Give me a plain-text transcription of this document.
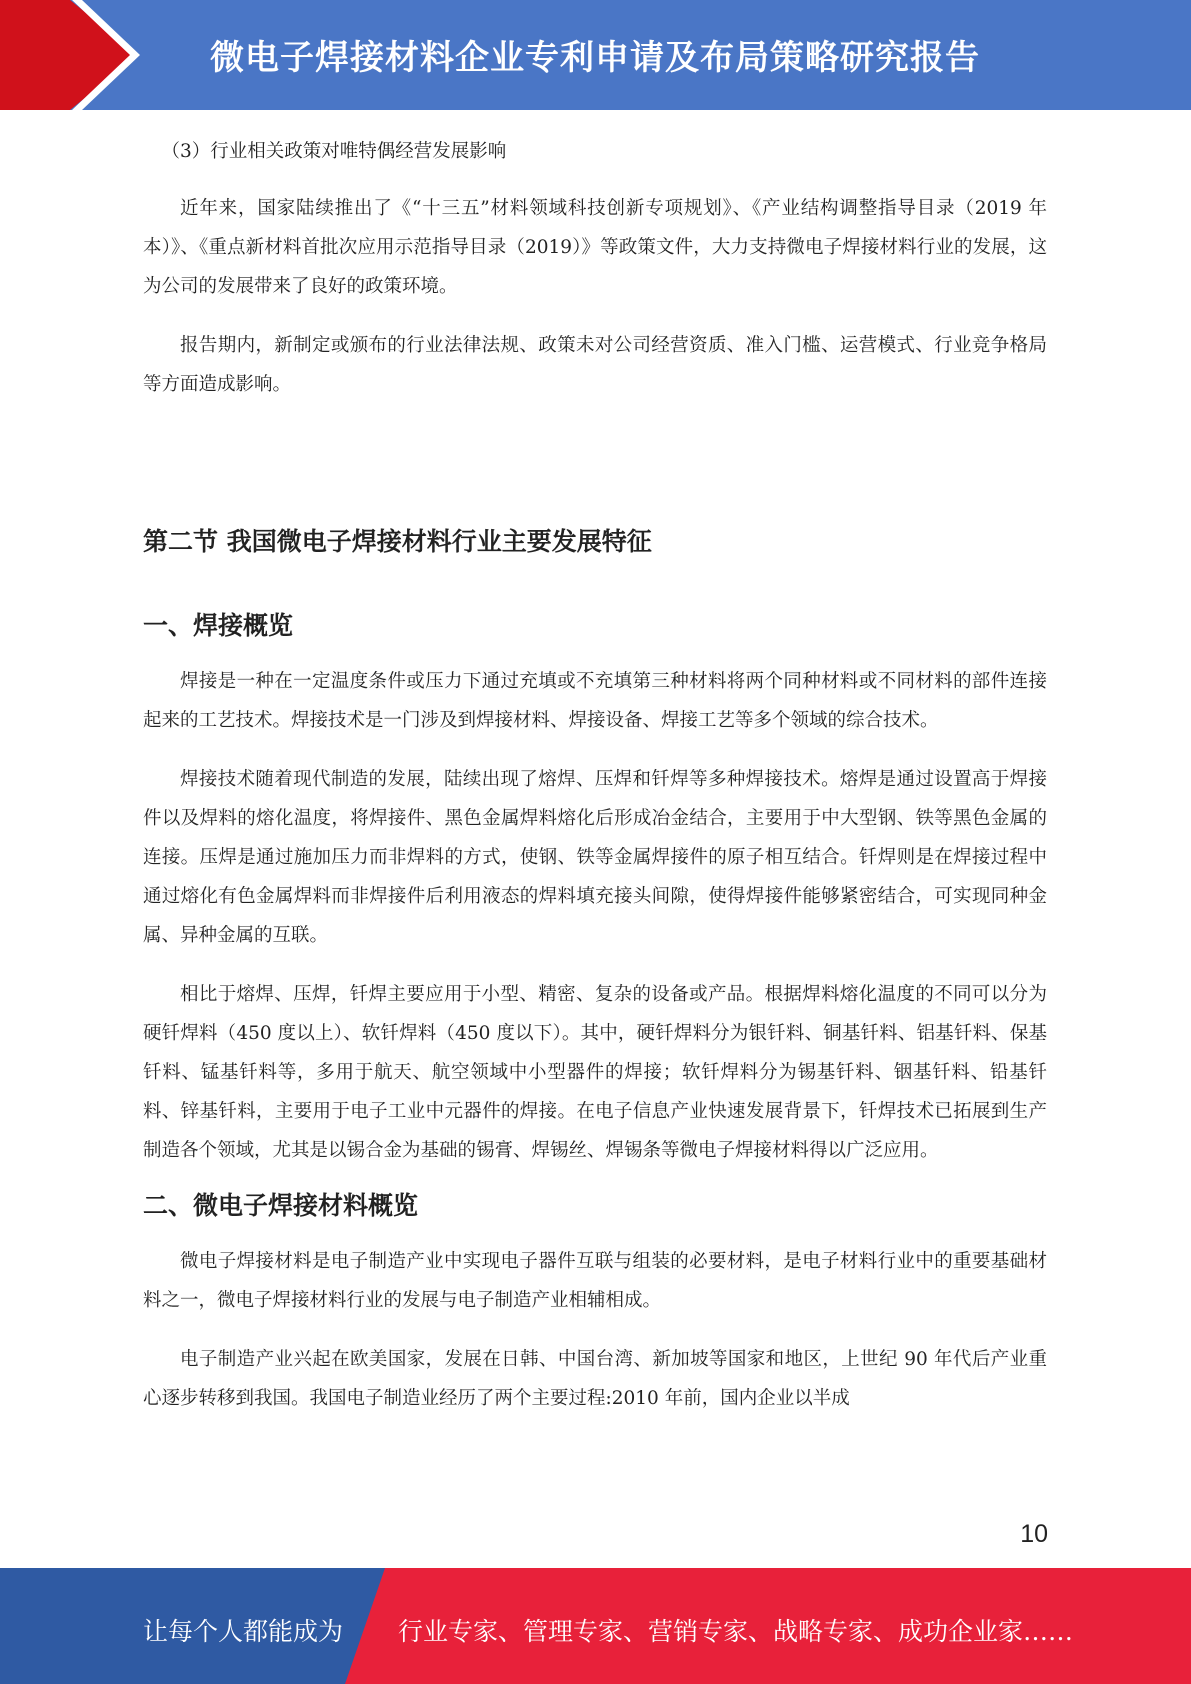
微电子焊接材料企业专利申请及布局策略研究报告

（3）行业相关政策对唯特偶经营发展影响

近年来，国家陆续推出了《“十三五”材料领域科技创新专项规划》、《产业结构调整指导目录（2019 年本）》、《重点新材料首批次应用示范指导目录（2019）》等政策文件，大力支持微电子焊接材料行业的发展，这为公司的发展带来了良好的政策环境。

报告期内，新制定或颁布的行业法律法规、政策未对公司经营资质、准入门槛、运营模式、行业竞争格局等方面造成影响。

第二节 我国微电子焊接材料行业主要发展特征
一、焊接概览

焊接是一种在一定温度条件或压力下通过充填或不充填第三种材料将两个同种材料或不同材料的部件连接起来的工艺技术。焊接技术是一门涉及到焊接材料、焊接设备、焊接工艺等多个领域的综合技术。

焊接技术随着现代制造的发展，陆续出现了熔焊、压焊和钎焊等多种焊接技术。熔焊是通过设置高于焊接件以及焊料的熔化温度，将焊接件、黑色金属焊料熔化后形成冶金结合，主要用于中大型钢、铁等黑色金属的连接。压焊是通过施加压力而非焊料的方式，使钢、铁等金属焊接件的原子相互结合。钎焊则是在焊接过程中通过熔化有色金属焊料而非焊接件后利用液态的焊料填充接头间隙，使得焊接件能够紧密结合，可实现同种金属、异种金属的互联。

相比于熔焊、压焊，钎焊主要应用于小型、精密、复杂的设备或产品。根据焊料熔化温度的不同可以分为硬钎焊料（450 度以上）、软钎焊料（450 度以下）。其中，硬钎焊料分为银钎料、铜基钎料、铝基钎料、保基钎料、锰基钎料等，多用于航天、航空领域中小型器件的焊接；软钎焊料分为锡基钎料、铟基钎料、铅基钎料、锌基钎料，主要用于电子工业中元器件的焊接。在电子信息产业快速发展背景下，钎焊技术已拓展到生产制造各个领域，尤其是以锡合金为基础的锡膏、焊锡丝、焊锡条等微电子焊接材料得以广泛应用。

二、微电子焊接材料概览

微电子焊接材料是电子制造产业中实现电子器件互联与组装的必要材料，是电子材料行业中的重要基础材料之一，微电子焊接材料行业的发展与电子制造产业相辅相成。

电子制造产业兴起在欧美国家，发展在日韩、中国台湾、新加坡等国家和地区，上世纪 90 年代后产业重心逐步转移到我国。我国电子制造业经历了两个主要过程:2010 年前，国内企业以半成

10
让每个人都能成为 行业专家、管理专家、营销专家、战略专家、成功企业家……
